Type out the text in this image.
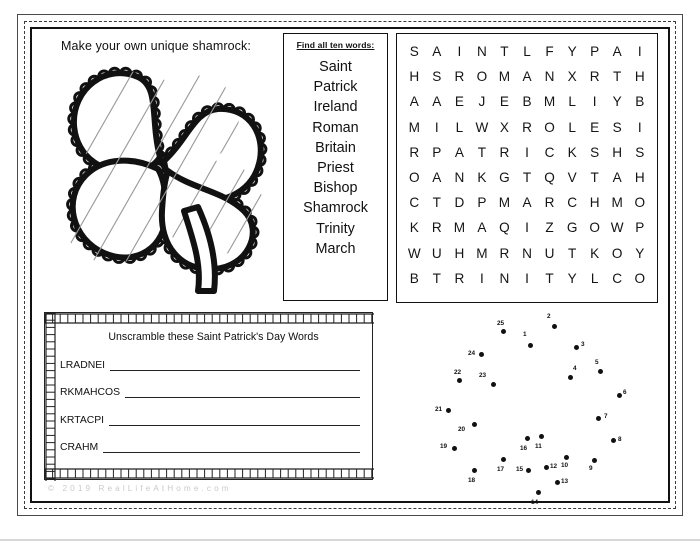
Make your own unique shamrock:	Find all ten words:
Saint
Patrick
Ireland
Roman
Britain
Priest
Bishop
Shamrock
Trinity
March
S A	I	N T	L	F	Y P A	I
H S R O M A N X R T H
A A E	J	E B M L	I	Y B
M	I	L W X R O L	E S	I
R P A	T R	I	C K S H S
O A N K G T Q V	T	A H
C T D P M A R C H M O
K R M A Q	I	Z G O W P
W U H M R N U T	K O Y
B	T R	I	N	I	T	Y	L	C O
Unscramble these Saint Patrick's Day Words
LRADNEI
RKMAHCOS
KRTACPI
CRAHM
© 2019 RealLifeAtHome.com
1
2
3
4
5
6
7
8
9
10
11
12
13
14
15
16
17
18
19
20
21
22	23
24
25
